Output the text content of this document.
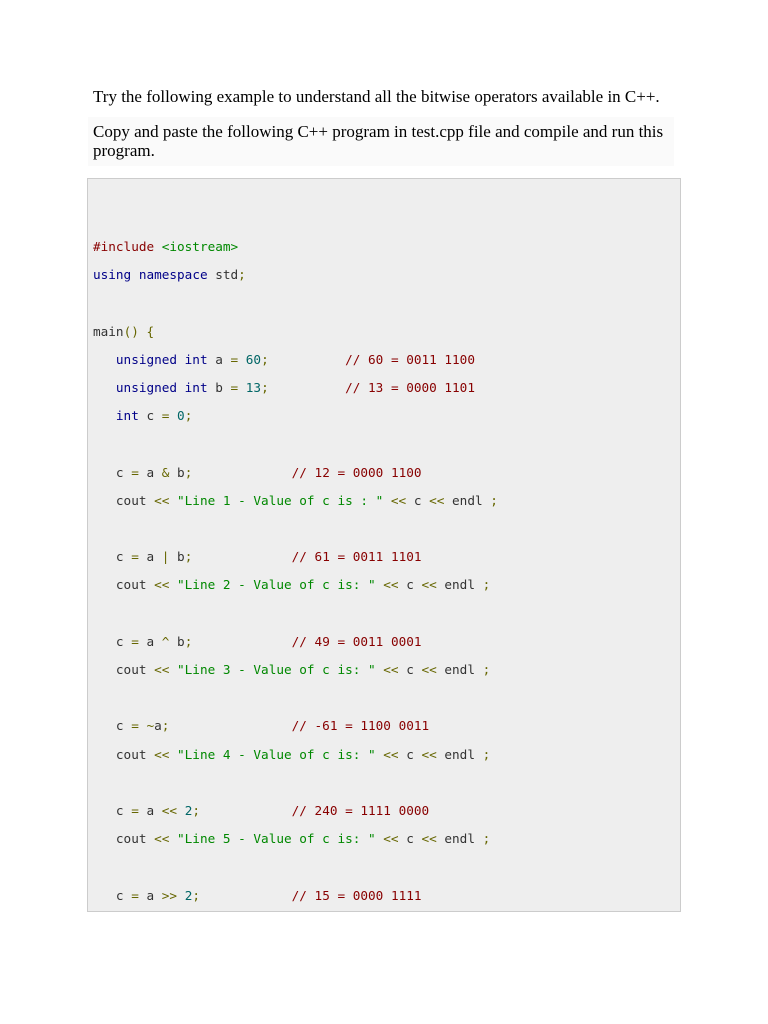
Try the following example to understand all the bitwise operators available in C++.

Copy and paste the following C++ program in test.cpp file and compile and run this program.
#include <iostream>
using namespace std;
main() {
unsigned int a = 60;	// 60 = 0011 1100
unsigned int b = 13;	// 13 = 0000 1101
int c = 0;
c = a & b;	// 12 = 0000 1100
cout << "Line 1 - Value of c is : " << c << endl ;
c = a | b;	// 61 = 0011 1101
cout << "Line 2 - Value of c is: " << c << endl ;
c = a ^ b;	// 49 = 0011 0001
cout << "Line 3 - Value of c is: " << c << endl ;
c = ~a;	// -61 = 1100 0011
cout << "Line 4 - Value of c is: " << c << endl ;
c = a << 2;	// 240 = 1111 0000
cout << "Line 5 - Value of c is: " << c << endl ;
c = a >> 2;	// 15 = 0000 1111
